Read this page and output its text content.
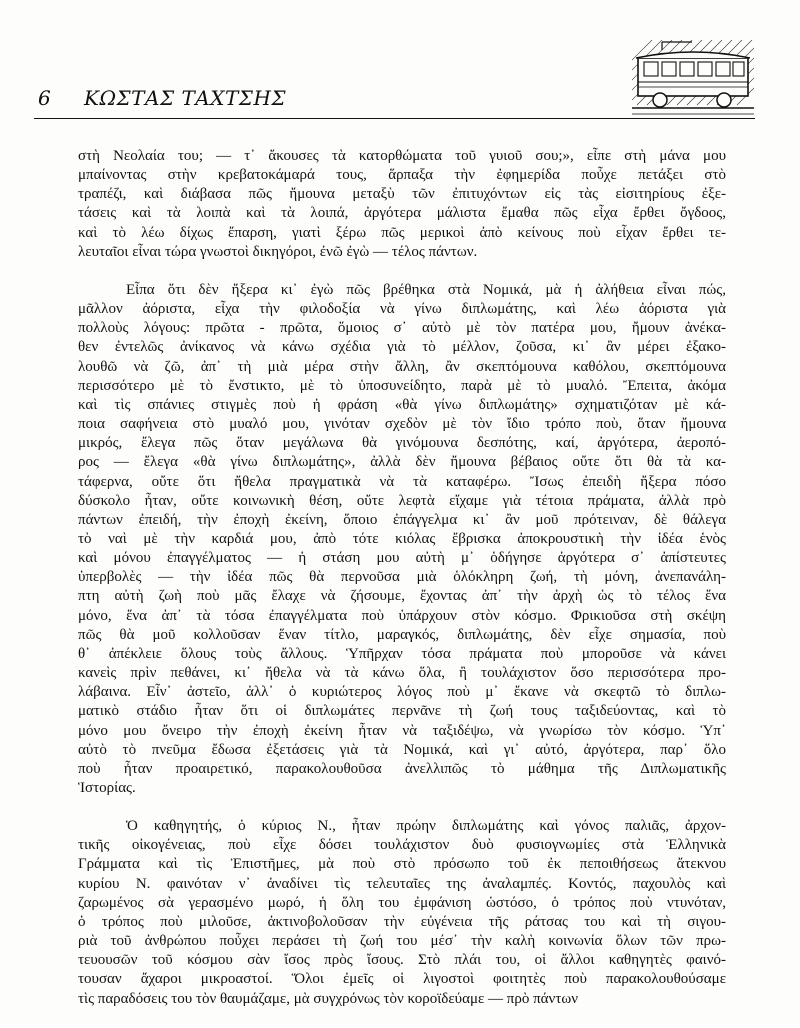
6 ΚΩΣΤΑΣ ΤΑΧΤΣΗΣ

στὴ Νεολαία του; — τ᾽ ἄκουσες τὰ κατορθώματα τοῦ γυιοῦ σου;», εἶπε στὴ μάνα μου
μπαίνοντας στὴν κρεβατοκάμαρά τους, ἅρπαξα τὴν ἐφημερίδα ποὖχε πετάξει στὸ
τραπέζι, καὶ διάβασα πῶς ἤμουνα μεταξὺ τῶν ἐπιτυχόντων εἰς τὰς εἰσιτηρίους ἐξε-
τάσεις καὶ τὰ λοιπὰ καὶ τὰ λοιπά, ἀργότερα μάλιστα ἔμαθα πῶς εἶχα ἔρθει ὄγδοος,
καὶ τὸ λέω δίχως ἔπαρση, γιατὶ ξέρω πῶς μερικοὶ ἀπὸ κείνους ποὺ εἶχαν ἔρθει τε-
λευταῖοι εἶναι τώρα γνωστοὶ δικηγόροι, ἐνῶ ἐγὼ — τέλος πάντων.

Εἶπα ὅτι δὲν ἤξερα κι᾽ ἐγὼ πῶς βρέθηκα στὰ Νομικά, μὰ ἡ ἀλήθεια εἶναι πώς,
μᾶλλον ἀόριστα, εἶχα τὴν φιλοδοξία νὰ γίνω διπλωμάτης, καὶ λέω ἀόριστα γιὰ
πολλοὺς λόγους: πρῶτα - πρῶτα, ὅμοιος σ᾽ αὐτὸ μὲ τὸν πατέρα μου, ἤμουν ἀνέκα-
θεν ἐντελῶς ἀνίκανος νὰ κάνω σχέδια γιὰ τὸ μέλλον, ζοῦσα, κι᾽ ἂν μέρει ἐξακο-
λουθῶ νὰ ζῶ, ἀπ᾽ τὴ μιὰ μέρα στὴν ἄλλη, ἂν σκεπτόμουνα καθόλου, σκεπτόμουνα
περισσότερο μὲ τὸ ἔνστικτο, μὲ τὸ ὑποσυνείδητο, παρὰ μὲ τὸ μυαλό. Ἔπειτα, ἀκόμα
καὶ τὶς σπάνιες στιγμὲς ποὺ ἡ φράση «θὰ γίνω διπλωμάτης» σχηματιζόταν μὲ κά-
ποια σαφήνεια στὸ μυαλό μου, γινόταν σχεδὸν μὲ τὸν ἴδιο τρόπο ποὺ, ὅταν ἤμουνα
μικρός, ἔλεγα πῶς ὅταν μεγάλωνα θὰ γινόμουνα δεσπότης, καί, ἀργότερα, ἀεροπό-
ρος — ἔλεγα «θὰ γίνω διπλωμάτης», ἀλλὰ δὲν ἤμουνα βέβαιος οὔτε ὅτι θὰ τὰ κα-
τάφερνα, οὔτε ὅτι ἤθελα πραγματικὰ νὰ τὰ καταφέρω. Ἴσως ἐπειδὴ ἤξερα πόσο
δύσκολο ἦταν, οὔτε κοινωνικὴ θέση, οὔτε λεφτὰ εἴχαμε γιὰ τέτοια πράματα, ἀλλὰ πρὸ
πάντων ἐπειδή, τὴν ἐποχὴ ἐκείνη, ὅποιο ἐπάγγελμα κι᾽ ἂν μοῦ πρότειναν, δὲ θάλεγα
τὸ ναὶ μὲ τὴν καρδιά μου, ἀπὸ τότε κιόλας ἔβρισκα ἀποκρουστικὴ τὴν ἰδέα ἑνὸς
καὶ μόνου ἐπαγγέλματος — ἡ στάση μου αὐτὴ μ᾽ ὁδήγησε ἀργότερα σ᾽ ἀπίστευτες
ὑπερβολὲς — τὴν ἰδέα πῶς θὰ περνοῦσα μιὰ ὁλόκληρη ζωή, τὴ μόνη, ἀνεπανάλη-
πτη αὐτὴ ζωὴ ποὺ μᾶς ἔλαχε νὰ ζήσουμε, ἔχοντας ἀπ᾽ τὴν ἀρχὴ ὡς τὸ τέλος ἕνα
μόνο, ἕνα ἀπ᾽ τὰ τόσα ἐπαγγέλματα ποὺ ὑπάρχουν στὸν κόσμο. Φρικιοῦσα στὴ σκέψη
πῶς θὰ μοῦ κολλοῦσαν ἕναν τίτλο, μαραγκός, διπλωμάτης, δὲν εἶχε σημασία, ποὺ
θ᾽ ἀπέκλειε ὅλους τοὺς ἄλλους. Ὑπῆρχαν τόσα πράματα ποὺ μποροῦσε νὰ κάνει
κανεὶς πρὶν πεθάνει, κι᾽ ἤθελα νὰ τὰ κάνω ὅλα, ἢ τουλάχιστον ὅσο περισσότερα προ-
λάβαινα. Εἶν᾽ ἀστεῖο, ἀλλ᾽ ὁ κυριώτερος λόγος ποὺ μ᾽ ἔκανε νὰ σκεφτῶ τὸ διπλω-
ματικὸ στάδιο ἦταν ὅτι οἱ διπλωμάτες περνᾶνε τὴ ζωή τους ταξιδεύοντας, καὶ τὸ
μόνο μου ὄνειρο τὴν ἐποχὴ ἐκείνη ἦταν νὰ ταξιδέψω, νὰ γνωρίσω τὸν κόσμο. Ὑπ᾽
αὐτὸ τὸ πνεῦμα ἔδωσα ἐξετάσεις γιὰ τὰ Νομικά, καὶ γι᾽ αὐτό, ἀργότερα, παρ᾽ ὅλο
ποὺ ἦταν προαιρετικό, παρακολουθοῦσα ἀνελλιπῶς τὸ μάθημα τῆς Διπλωματικῆς
Ἱστορίας.

Ὁ καθηγητής, ὁ κύριος Ν., ἦταν πρώην διπλωμάτης καὶ γόνος παλιᾶς, ἀρχον-
τικῆς οἰκογένειας, ποὺ εἶχε δόσει τουλάχιστον δυὸ φυσιογνωμίες στὰ Ἑλληνικὰ
Γράμματα καὶ τὶς Ἐπιστῆμες, μὰ ποὺ στὸ πρόσωπο τοῦ ἐκ πεποιθήσεως ἄτεκνου
κυρίου Ν. φαινόταν ν᾽ ἀναδίνει τὶς τελευταῖες της ἀναλαμπές. Κοντός, παχουλὸς καὶ
ζαρωμένος σὰ γερασμένο μωρό, ἡ ὅλη του ἐμφάνιση ὡστόσο, ὁ τρόπος ποὺ ντυνόταν,
ὁ τρόπος ποὺ μιλοῦσε, ἀκτινοβολοῦσαν τὴν εὐγένεια τῆς ράτσας του καὶ τὴ σιγου-
ριὰ τοῦ ἀνθρώπου ποὖχει περάσει τὴ ζωή του μέσ᾽ τὴν καλὴ κοινωνία ὅλων τῶν πρω-
τευουσῶν τοῦ κόσμου σὰν ἴσος πρὸς ἴσους. Στὸ πλάι του, οἱ ἄλλοι καθηγητὲς φαινό-
τουσαν ἄχαροι μικροαστοί. Ὅλοι ἐμεῖς οἱ λιγοστοὶ φοιτητὲς ποὺ παρακολουθούσαμε
τὶς παραδόσεις του τὸν θαυμάζαμε, μὰ συγχρόνως τὸν κοροϊδεύαμε — πρὸ πάντων
